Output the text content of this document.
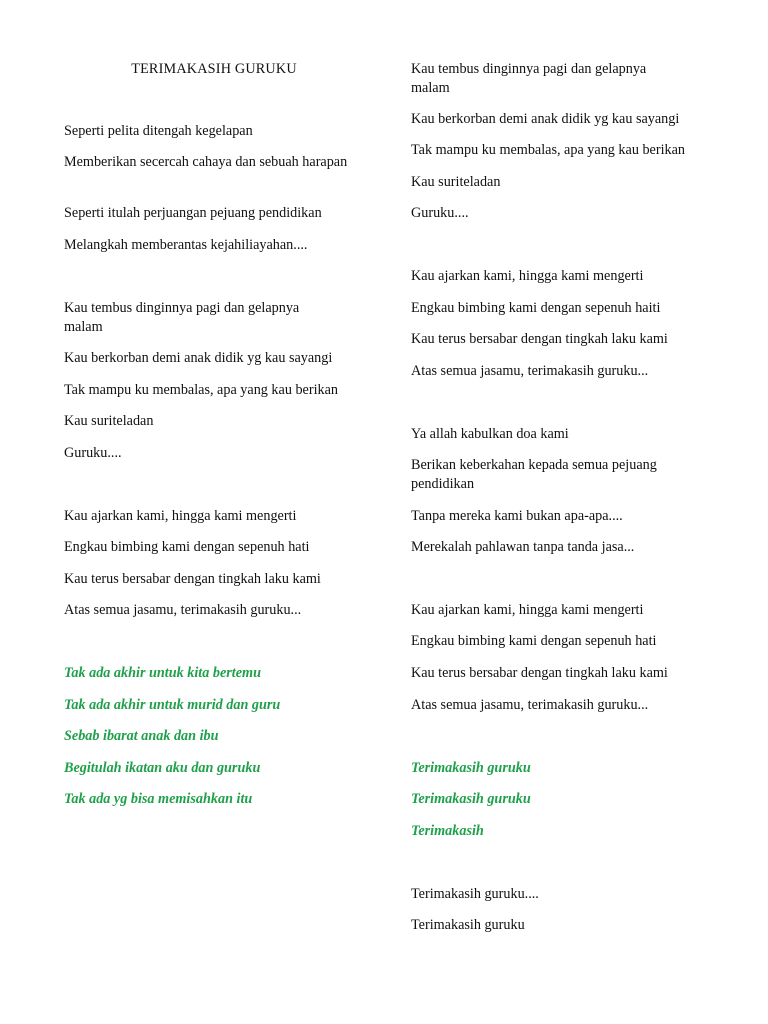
TERIMAKASIH GURUKU
Seperti pelita ditengah kegelapan
Memberikan secercah cahaya dan sebuah harapan
Seperti itulah perjuangan pejuang pendidikan
Melangkah memberantas kejahiliayahan....
Kau tembus dinginnya pagi dan gelapnya malam
Kau berkorban demi anak didik yg kau sayangi
Tak mampu ku membalas, apa yang kau berikan
Kau suriteladan
Guruku....
Kau ajarkan kami, hingga kami mengerti
Engkau bimbing kami dengan sepenuh hati
Kau terus bersabar dengan tingkah laku kami
Atas semua jasamu, terimakasih guruku...
Tak ada akhir untuk kita bertemu
Tak ada akhir untuk murid dan guru
Sebab ibarat anak dan ibu
Begitulah ikatan aku dan guruku
Tak ada yg bisa memisahkan itu
Kau tembus dinginnya pagi dan gelapnya malam
Kau berkorban demi anak didik yg kau sayangi
Tak mampu ku membalas, apa yang kau berikan
Kau suriteladan
Guruku....
Kau ajarkan kami, hingga kami mengerti
Engkau bimbing kami dengan sepenuh haiti
Kau terus bersabar dengan tingkah laku kami
Atas semua jasamu, terimakasih guruku...
Ya allah kabulkan doa kami
Berikan keberkahan kepada semua pejuang pendidikan
Tanpa mereka kami bukan apa-apa....
Merekalah pahlawan tanpa tanda jasa...
Kau ajarkan kami, hingga kami mengerti
Engkau bimbing kami dengan sepenuh hati
Kau terus bersabar dengan tingkah laku kami
Atas semua jasamu, terimakasih guruku...
Terimakasih guruku
Terimakasih guruku
Terimakasih
Terimakasih guruku....
Terimakasih guruku
